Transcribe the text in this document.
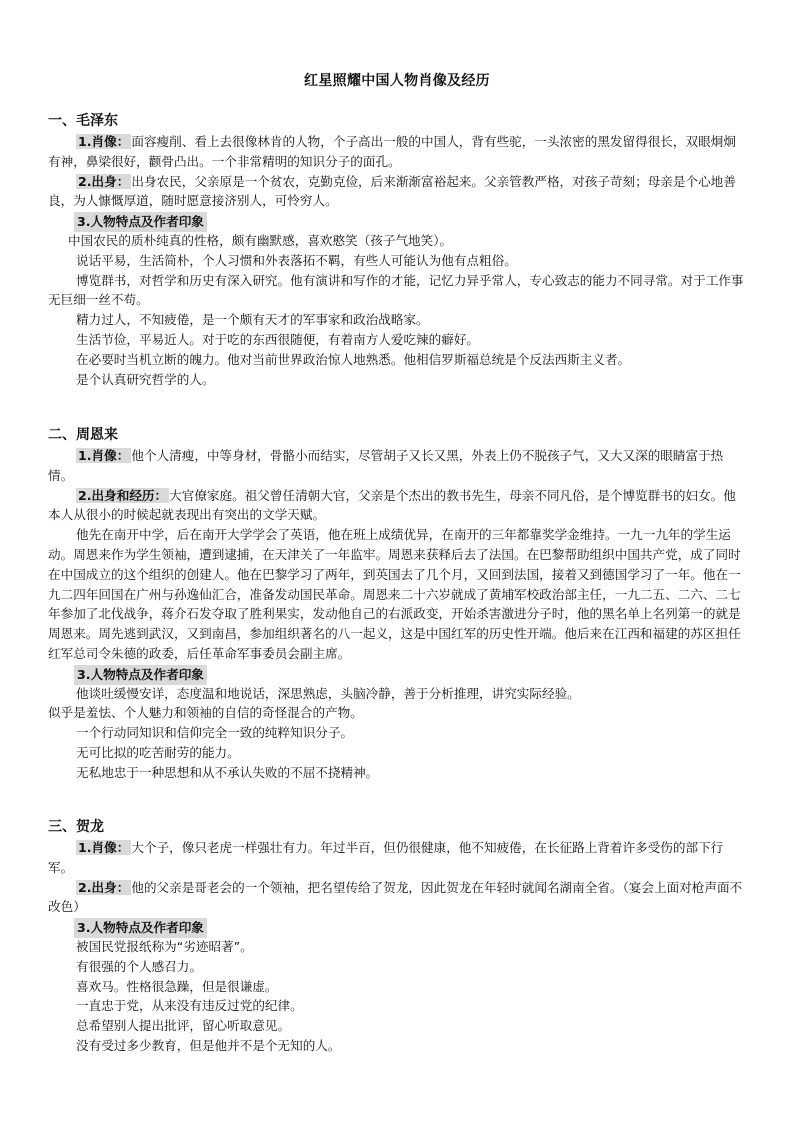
红星照耀中国人物肖像及经历
一、毛泽东

1.肖像： 面容瘦削、看上去很像林肯的人物，个子高出一般的中国人，背有些驼，一头浓密的黑发留得很长，双眼炯炯有神，鼻梁很好，颧骨凸出。一个非常精明的知识分子的面孔。

2.出身： 出身农民，父亲原是一个贫农，克勤克俭，后来渐渐富裕起来。父亲管教严格，对孩子苛刻；母亲是个心地善良，为人慷慨厚道，随时愿意接济别人，可怜穷人。

3.人物特点及作者印象

中国农民的质朴纯真的性格，颇有幽默感，喜欢憨笑（孩子气地笑）。

说话平易，生活简朴，个人习惯和外表落拓不羁，有些人可能认为他有点粗俗。

博览群书，对哲学和历史有深入研究。他有演讲和写作的才能，记忆力异乎常人，专心致志的能力不同寻常。对于工作事无巨细一丝不苟。

精力过人，不知疲倦，是一个颇有天才的军事家和政治战略家。

生活节俭，平易近人。对于吃的东西很随便，有着南方人爱吃辣的癖好。

在必要时当机立断的魄力。他对当前世界政治惊人地熟悉。他相信罗斯福总统是个反法西斯主义者。

是个认真研究哲学的人。

二、周恩来

1.肖像： 他个人清瘦，中等身材，骨骼小而结实，尽管胡子又长又黑，外表上仍不脱孩子气，又大又深的眼睛富于热情。

2.出身和经历： 大官僚家庭。祖父曾任清朝大官，父亲是个杰出的教书先生，母亲不同凡俗，是个博览群书的妇女。他本人从很小的时候起就表现出有突出的文学天赋。

他先在南开中学，后在南开大学学会了英语，他在班上成绩优异，在南开的三年都靠奖学金维持。一九一九年的学生运动。周恩来作为学生领袖，遭到逮捕，在天津关了一年监牢。周恩来获释后去了法国。在巴黎帮助组织中国共产党，成了同时在中国成立的这个组织的创建人。他在巴黎学习了两年，到英国去了几个月，又回到法国，接着又到德国学习了一年。他在一九二四年回国在广州与孙逸仙汇合，准备发动国民革命。周恩来二十六岁就成了黄埔军校政治部主任，一九二五、二六、二七年参加了北伐战争，蒋介石发夺取了胜利果实，发动他自己的右派政变，开始杀害激进分子时，他的黑名单上名列第一的就是周恩来。周先逃到武汉，又到南昌，参加组织著名的八一起义，这是中国红军的历史性开端。他后来在江西和福建的苏区担任红军总司令朱德的政委，后任革命军事委员会副主席。

3.人物特点及作者印象

他谈吐缓慢安详，态度温和地说话，深思熟虑，头脑冷静，善于分析推理，讲究实际经验。

似乎是羞怯、个人魅力和领袖的自信的奇怪混合的产物。

一个行动同知识和信仰完全一致的纯粹知识分子。

无可比拟的吃苦耐劳的能力。

无私地忠于一种思想和从不承认失败的不屈不挠精神。

三、贺龙

1.肖像： 大个子，像只老虎一样强壮有力。年过半百，但仍很健康，他不知疲倦，在长征路上背着许多受伤的部下行军。

2.出身： 他的父亲是哥老会的一个领袖，把名望传给了贺龙，因此贺龙在年轻时就闻名湖南全省。（宴会上面对枪声面不改色）

3.人物特点及作者印象

被国民党报纸称为“劣迹昭著”。

有很强的个人感召力。

喜欢马。性格很急躁，但是很谦虚。

一直忠于党，从来没有违反过党的纪律。

总希望别人提出批评，留心听取意见。

没有受过多少教育，但是他并不是个无知的人。
